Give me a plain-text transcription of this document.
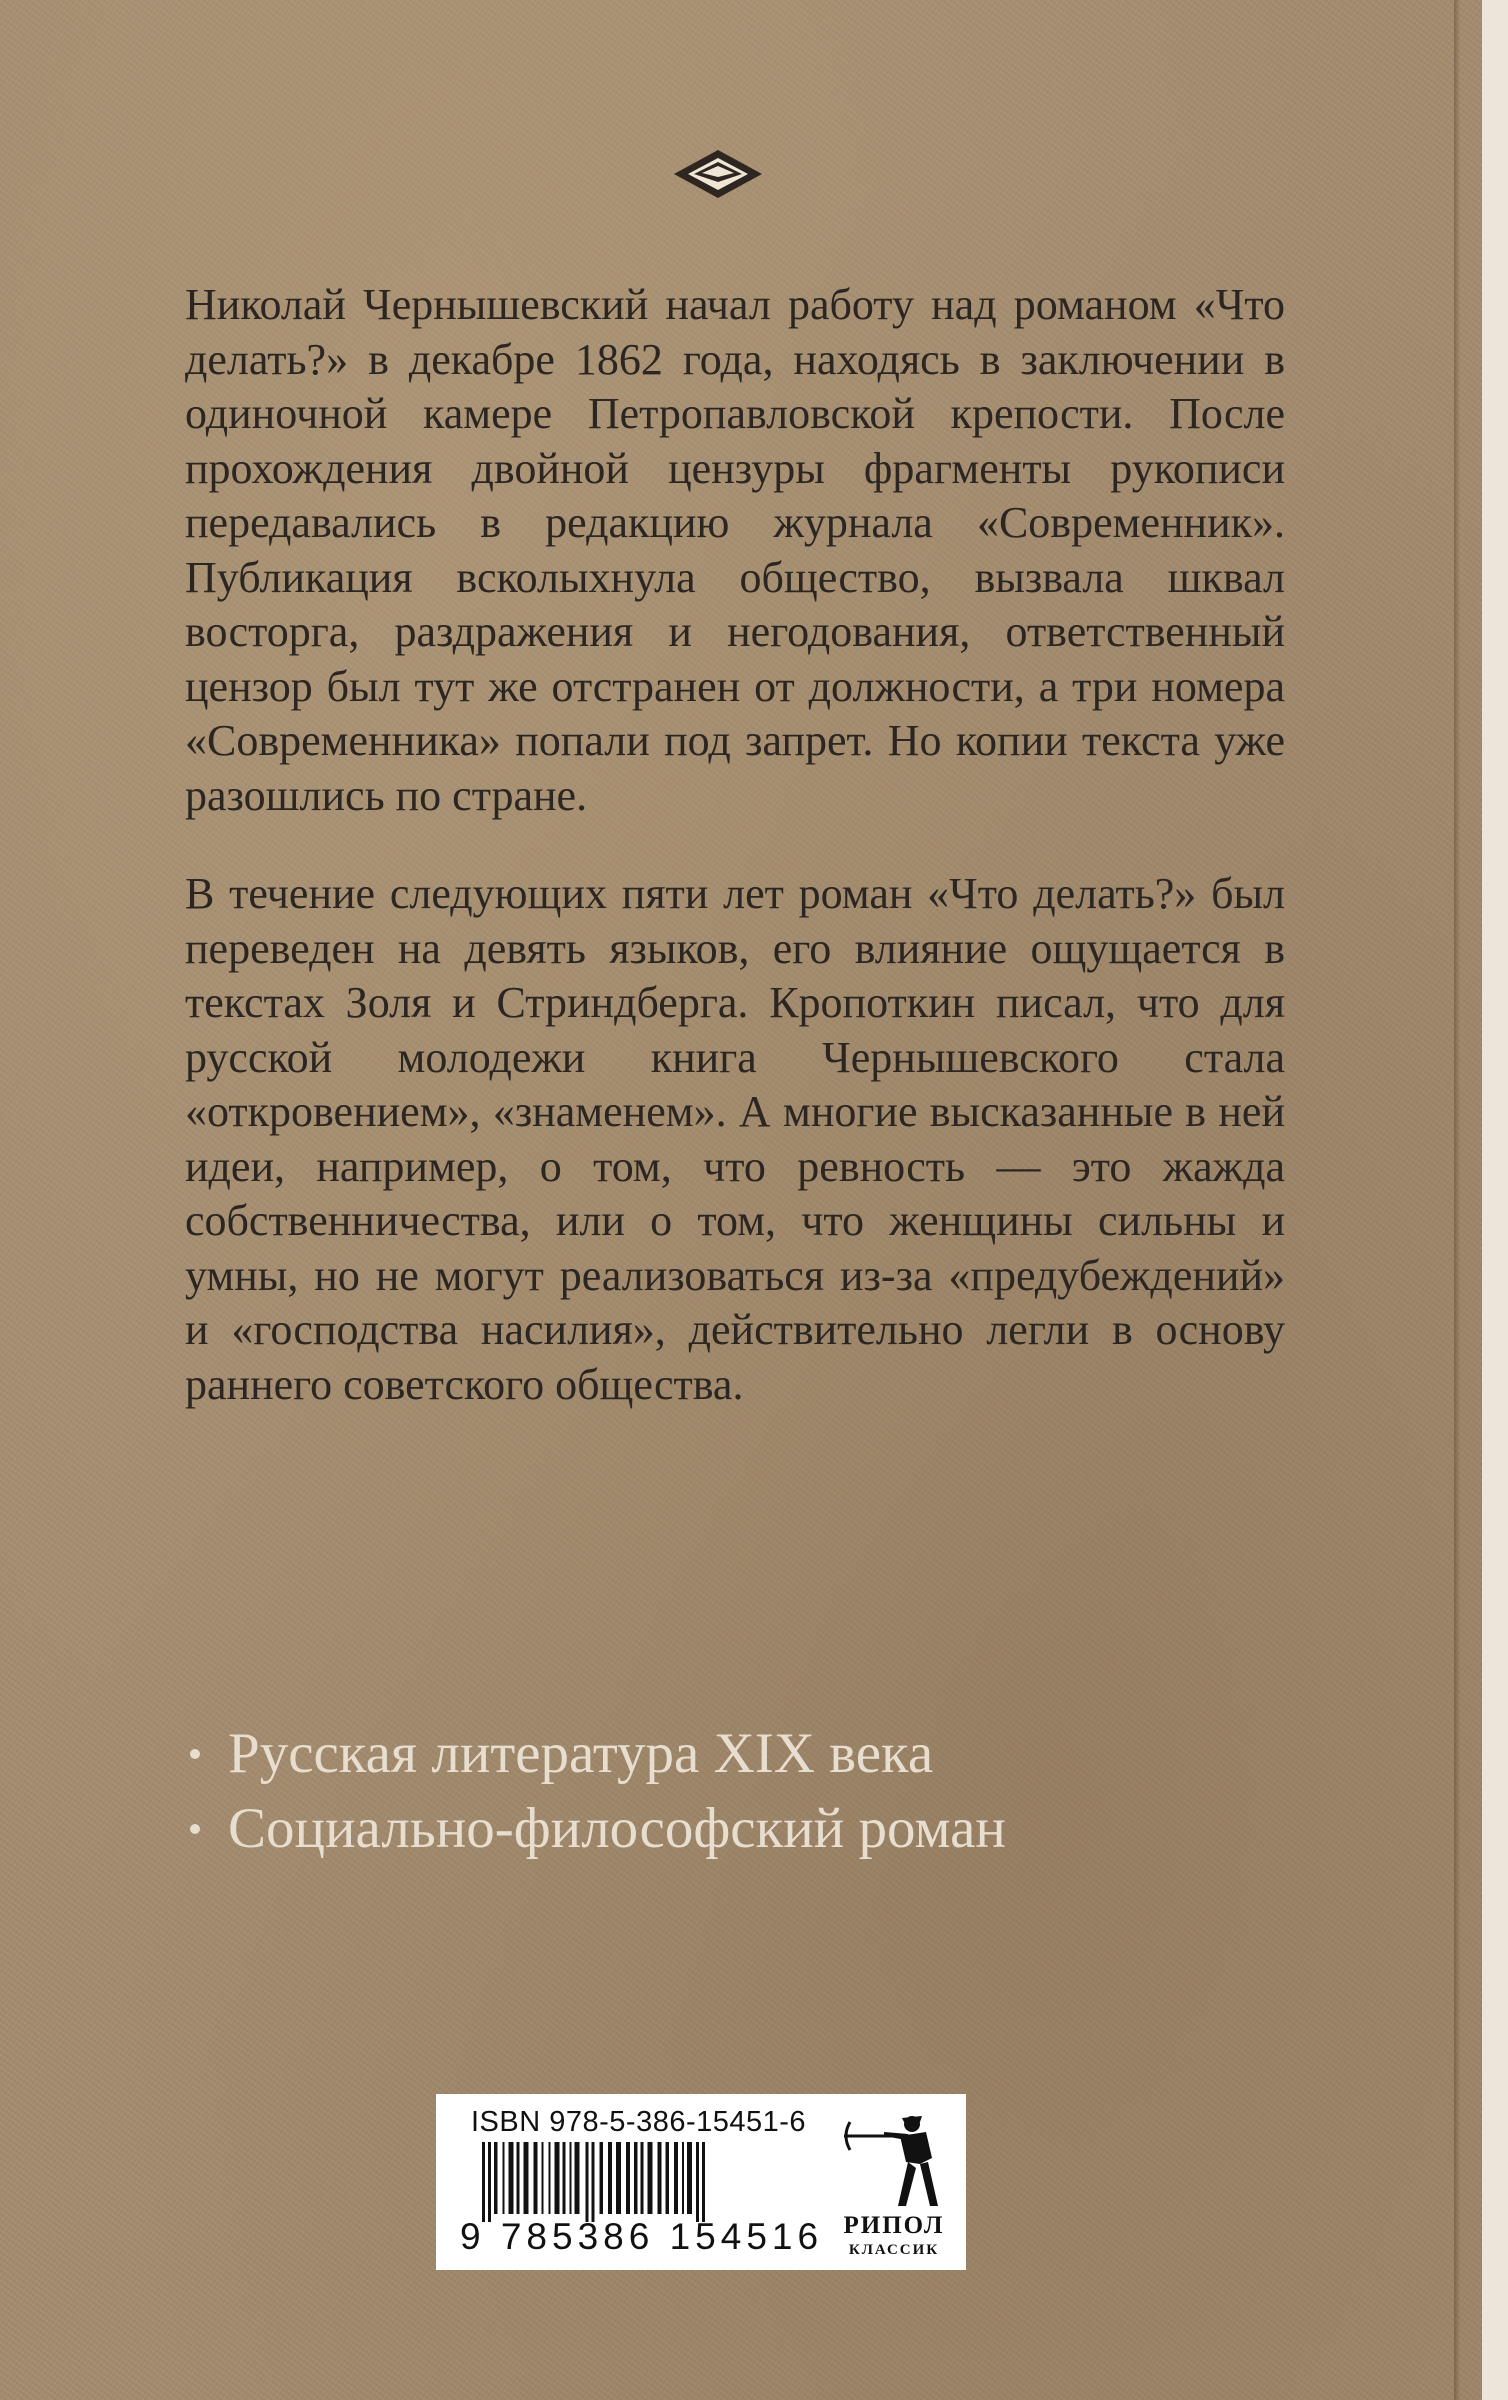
Николай Чернышевский начал работу над романом «Что делать?» в декабре 1862 года, находясь в заключении в одиночной камере Петропавловской крепости. После прохождения двойной цензуры фрагменты рукописи передавались в редакцию журнала «Современник». Публикация всколыхнула общество, вызвала шквал восторга, раздражения и негодования, ответственный цензор был тут же отстранен от должности, а три номера «Современника» попали под запрет. Но копии текста уже разошлись по стране.

В течение следующих пяти лет роман «Что делать?» был переведен на девять языков, его влияние ощущается в текстах Золя и Стриндберга. Кропоткин писал, что для русской молодежи книга Чернышевского стала «откровением», «знаменем». А многие высказанные в ней идеи, например, о том, что ревность — это жажда собственничества, или о том, что женщины сильны и умны, но не могут реализоваться из-за «предубеждений» и «господства насилия», действительно легли в основу раннего советского общества.

Русская литература XIX века
Социально-философский роман
ISBN 978-5-386-15451-6
9 785386 154516 РИПОЛ
КЛАССИК
